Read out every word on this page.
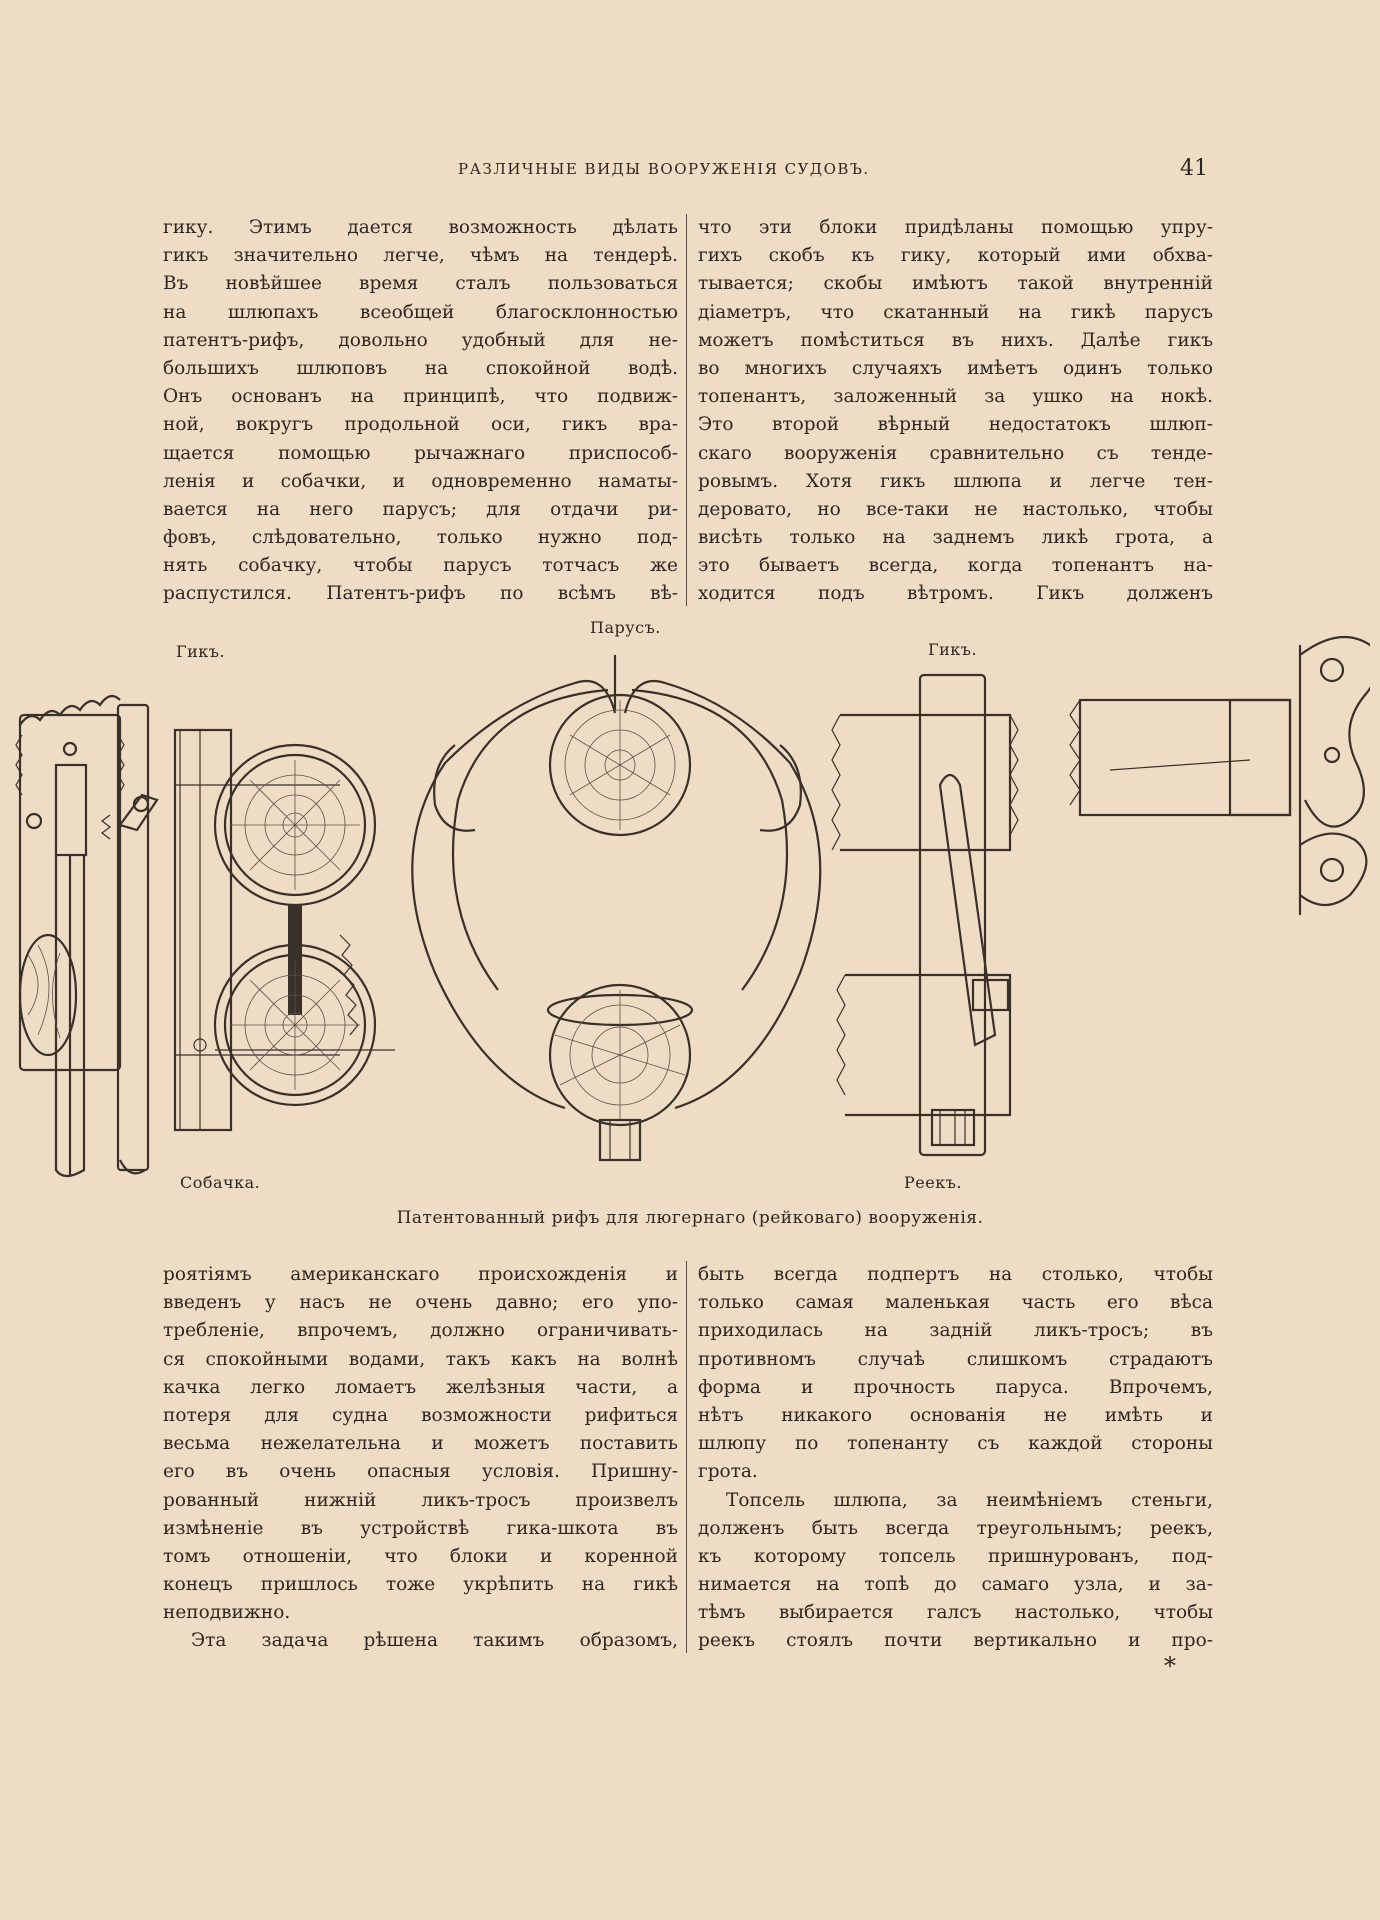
РАЗЛИЧНЫЕ ВИДЫ ВООРУЖЕНІЯ СУДОВЪ.	41
гику. Этимъ дается возможность дѣлать
гикъ значительно легче, чѣмъ на тендерѣ.
Въ новѣйшее время сталъ пользоваться
на шлюпахъ всеобщей благосклонностью
патентъ-рифъ, довольно удобный для не-
большихъ шлюповъ на спокойной водѣ.
Онъ основанъ на принципѣ, что подвиж-
ной, вокругъ продольной оси, гикъ вра-
щается помощью рычажнаго приспособ-
ленія и собачки, и одновременно наматы-
вается на него парусъ; для отдачи ри-
фовъ, слѣдовательно, только нужно под-
нять собачку, чтобы парусъ тотчасъ же
распустился. Патентъ-рифъ по всѣмъ вѣ-
что эти блоки придѣланы помощью упру-
гихъ скобъ къ гику, который ими обхва-
тывается; скобы имѣютъ такой внутренній
діаметръ, что скатанный на гикѣ парусъ
можетъ помѣститься въ нихъ. Далѣе гикъ
во многихъ случаяхъ имѣетъ одинъ только
топенантъ, заложенный за ушко на нокѣ.
Это второй вѣрный недостатокъ шлюп-
скаго вооруженія сравнительно съ тенде-
ровымъ. Хотя гикъ шлюпа и легче тен-
деровато, но все-таки не настолько, чтобы
висѣть только на заднемъ ликѣ грота, а
это бываетъ всегда, когда топенантъ на-
ходится подъ вѣтромъ. Гикъ долженъ
Гикъ.
Парусъ.
Гикъ.
Собачка.	Реекъ.
Патентованный рифъ для люгернаго (рейковаго) вооруженія.
роятіямъ американскаго происхожденія и
введенъ у насъ не очень давно; его упо-
требленіе, впрочемъ, должно ограничивать-
ся спокойными водами, такъ какъ на волнѣ
качка легко ломаетъ желѣзныя части, а
потеря для судна возможности рифиться
весьма нежелательна и можетъ поставить
его въ очень опасныя условія. Пришну-
рованный нижній ликъ-тросъ произвелъ
измѣненіе въ устройствѣ гика-шкота въ
томъ отношеніи, что блоки и коренной
конецъ пришлось тоже укрѣпить на гикѣ
неподвижно.
Эта задача рѣшена такимъ образомъ,
быть всегда подпертъ на столько, чтобы
только самая маленькая часть его вѣса
приходилась на задній ликъ-тросъ; въ
противномъ случаѣ слишкомъ страдаютъ
форма и прочность паруса. Впрочемъ,
нѣтъ никакого основанія не имѣть и
шлюпу по топенанту съ каждой стороны
грота.
Топсель шлюпа, за неимѣніемъ стеньги,
долженъ быть всегда треугольнымъ; реекъ,
къ которому топсель пришнурованъ, под-
нимается на топѣ до самаго узла, и за-
тѣмъ выбирается галсъ настолько, чтобы
реекъ стоялъ почти вертикально и про-
*
